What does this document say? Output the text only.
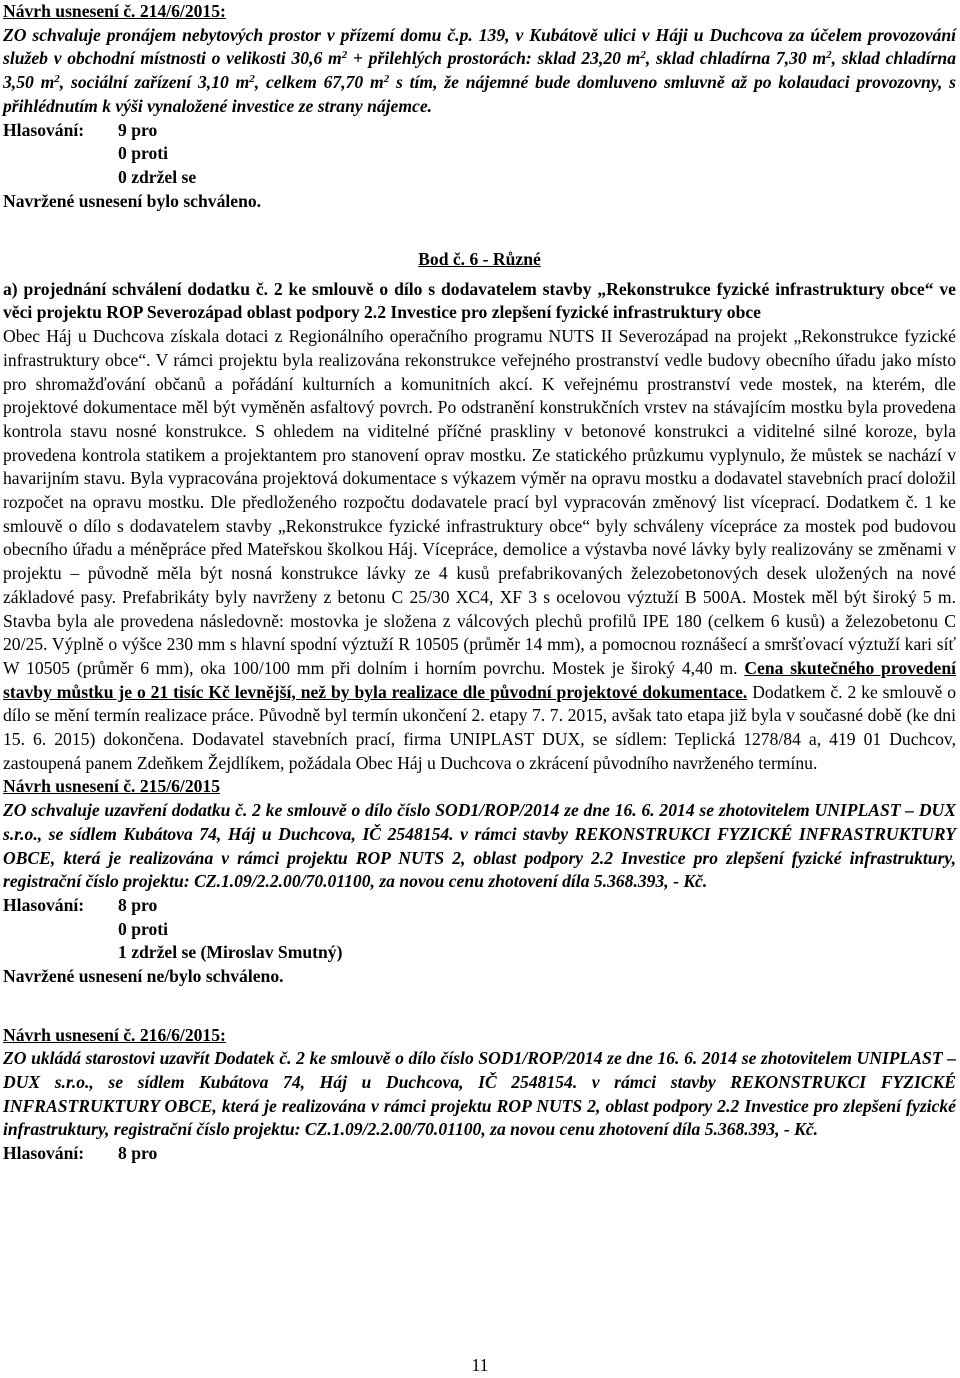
Návrh usnesení č. 214/6/2015:

ZO schvaluje pronájem nebytových prostor v přízemí domu č.p. 139, v Kubátově ulici v Háji u Duchcova za účelem provozování služeb v obchodní místnosti o velikosti 30,6 $m^2$ + přilehlých prostorách: sklad 23,20 $m^2$, sklad chladírna 7,30 $m^2$, sklad chladírna 3,50 $m^2$, sociální zařízení 3,10 $m^2$, celkem 67,70 $m^2$ s tím, že nájemné bude domluveno smluvně až po kolaudaci provozovny, s přihlédnutím k výši vynaložené investice ze strany nájemce.

Hlasování:	9 pro

0 proti

0 zdržel se

Navržené usnesení bylo schváleno.

Bod č. 6 - Různé

a) projednání schválení dodatku č. 2 ke smlouvě o dílo s dodavatelem stavby „Rekonstrukce fyzické infrastruktury obce“ ve věci projektu ROP Severozápad oblast podpory 2.2 Investice pro zlepšení fyzické infrastruktury obce

Obec Háj u Duchcova získala dotaci z Regionálního operačního programu NUTS II Severozápad na projekt „Rekonstrukce fyzické infrastruktury obce“. V rámci projektu byla realizována rekonstrukce veřejného prostranství vedle budovy obecního úřadu jako místo pro shromažďování občanů a pořádání kulturních a komunitních akcí. K veřejnému prostranství vede mostek, na kterém, dle projektové dokumentace měl být vyměněn asfaltový povrch. Po odstranění konstrukčních vrstev na stávajícím mostku byla provedena kontrola stavu nosné konstrukce. S ohledem na viditelné příčné praskliny v betonové konstrukci a viditelné silné koroze, byla provedena kontrola statikem a projektantem pro stanovení oprav mostku. Ze statického průzkumu vyplynulo, že můstek se nachází v havarijním stavu. Byla vypracována projektová dokumentace s výkazem výměr na opravu mostku a dodavatel stavebních prací doložil rozpočet na opravu mostku. Dle předloženého rozpočtu dodavatele prací byl vypracován změnový list víceprací. Dodatkem č. 1 ke smlouvě o dílo s dodavatelem stavby „Rekonstrukce fyzické infrastruktury obce“ byly schváleny vícepráce za mostek pod budovou obecního úřadu a méněpráce před Mateřskou školkou Háj. Vícepráce, demolice a výstavba nové lávky byly realizovány se změnami v projektu – původně měla být nosná konstrukce lávky ze 4 kusů prefabrikovaných železobetonových desek uložených na nové základové pasy. Prefabrikáty byly navrženy z betonu C 25/30 XC4, XF 3 s ocelovou výztuží B 500A. Mostek měl být široký 5 m. Stavba byla ale provedena následovně: mostovka je složena z válcových plechů profilů IPE 180 (celkem 6 kusů) a železobetonu C 20/25. Výplně o výšce 230 mm s hlavní spodní výztuží R 10505 (průměr 14 mm), a pomocnou roznášecí a smršťovací výztuží kari síť W 10505 (průměr 6 mm), oka 100/100 mm při dolním i horním povrchu. Mostek je široký 4,40 m. Cena skutečného provedení stavby můstku je o 21 tisíc Kč levnější, než by byla realizace dle původní projektové dokumentace. Dodatkem č. 2 ke smlouvě o dílo se mění termín realizace práce. Původně byl termín ukončení 2. etapy 7. 7. 2015, avšak tato etapa již byla v současné době (ke dni 15. 6. 2015) dokončena. Dodavatel stavebních prací, firma UNIPLAST DUX, se sídlem: Teplická 1278/84 a, 419 01 Duchcov, zastoupená panem Zdeňkem Žejdlíkem, požádala Obec Háj u Duchcova o zkrácení původního navrženého termínu.

Návrh usnesení č. 215/6/2015

ZO schvaluje uzavření dodatku č. 2 ke smlouvě o dílo číslo SOD1/ROP/2014 ze dne 16. 6. 2014 se zhotovitelem UNIPLAST – DUX s.r.o., se sídlem Kubátova 74, Háj u Duchcova, IČ 2548154. v rámci stavby REKONSTRUKCI FYZICKÉ INFRASTRUKTURY OBCE, která je realizována v rámci projektu ROP NUTS 2, oblast podpory 2.2 Investice pro zlepšení fyzické infrastruktury, registrační číslo projektu: CZ.1.09/2.2.00/70.01100, za novou cenu zhotovení díla 5.368.393, - Kč.

Hlasování:	8 pro

0 proti

1 zdržel se (Miroslav Smutný)

Navržené usnesení ne/bylo schváleno.

Návrh usnesení č. 216/6/2015:

ZO ukládá starostovi uzavřít Dodatek č. 2 ke smlouvě o dílo číslo SOD1/ROP/2014 ze dne 16. 6. 2014 se zhotovitelem UNIPLAST – DUX s.r.o., se sídlem Kubátova 74, Háj u Duchcova, IČ 2548154. v rámci stavby REKONSTRUKCI FYZICKÉ INFRASTRUKTURY OBCE, která je realizována v rámci projektu ROP NUTS 2, oblast podpory 2.2 Investice pro zlepšení fyzické infrastruktury, registrační číslo projektu: CZ.1.09/2.2.00/70.01100, za novou cenu zhotovení díla 5.368.393, - Kč.

Hlasování:	8 pro
11
